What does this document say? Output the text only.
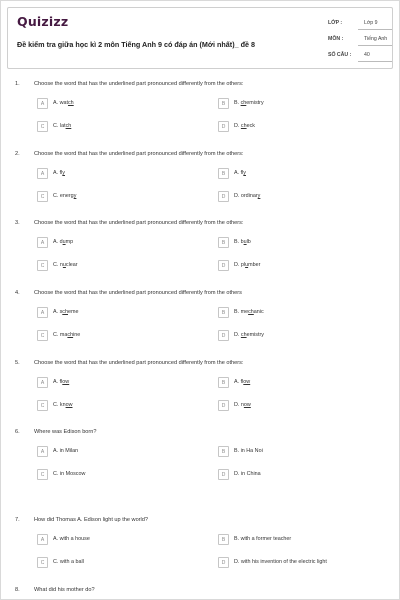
Quizizz
Đề kiểm tra giữa học kì 2 môn Tiếng Anh 9 có đáp án (Mới nhất)_ đề 8
LỚP :	Lớp 9
MÔN :	Tiếng Anh
SỐ CÂU : 40
1.	Choose the word that has the underlined part pronounced differently from the others:
A	A. watch	B	B. chemistry
C	C. latch	D	D. check
2.	Choose the word that has the underlined part pronounced differently from the others:
A	A. fly	B	A. fly
C	C. energy	D	D. ordinary
3.	Choose the word that has the underlined part pronounced differently from the others:
A	A. dump	B	B. bulb
C	C. nuclear	D	D. plumber
4.	Choose the word that has the underlined part pronounced differently from the others
A	A. scheme	B	B. mechanic
C	C. machine	D	D. chemistry
5.	Choose the word that has the underlined part pronounced differently from the others:
A	A. flow	B	A. flow
C	C. know	D	D. now
6.	Where was Edison born?
A	A. in Milan	B	B. in Ha Noi
C	C. in Moscow	D	D. in China
7.	How did Thomas A. Edison light up the world?
A	A. with a house	B	B. with a former teacher
C	C. with a ball	D	D. with his invention of the electric light
8.	What did his mother do?
